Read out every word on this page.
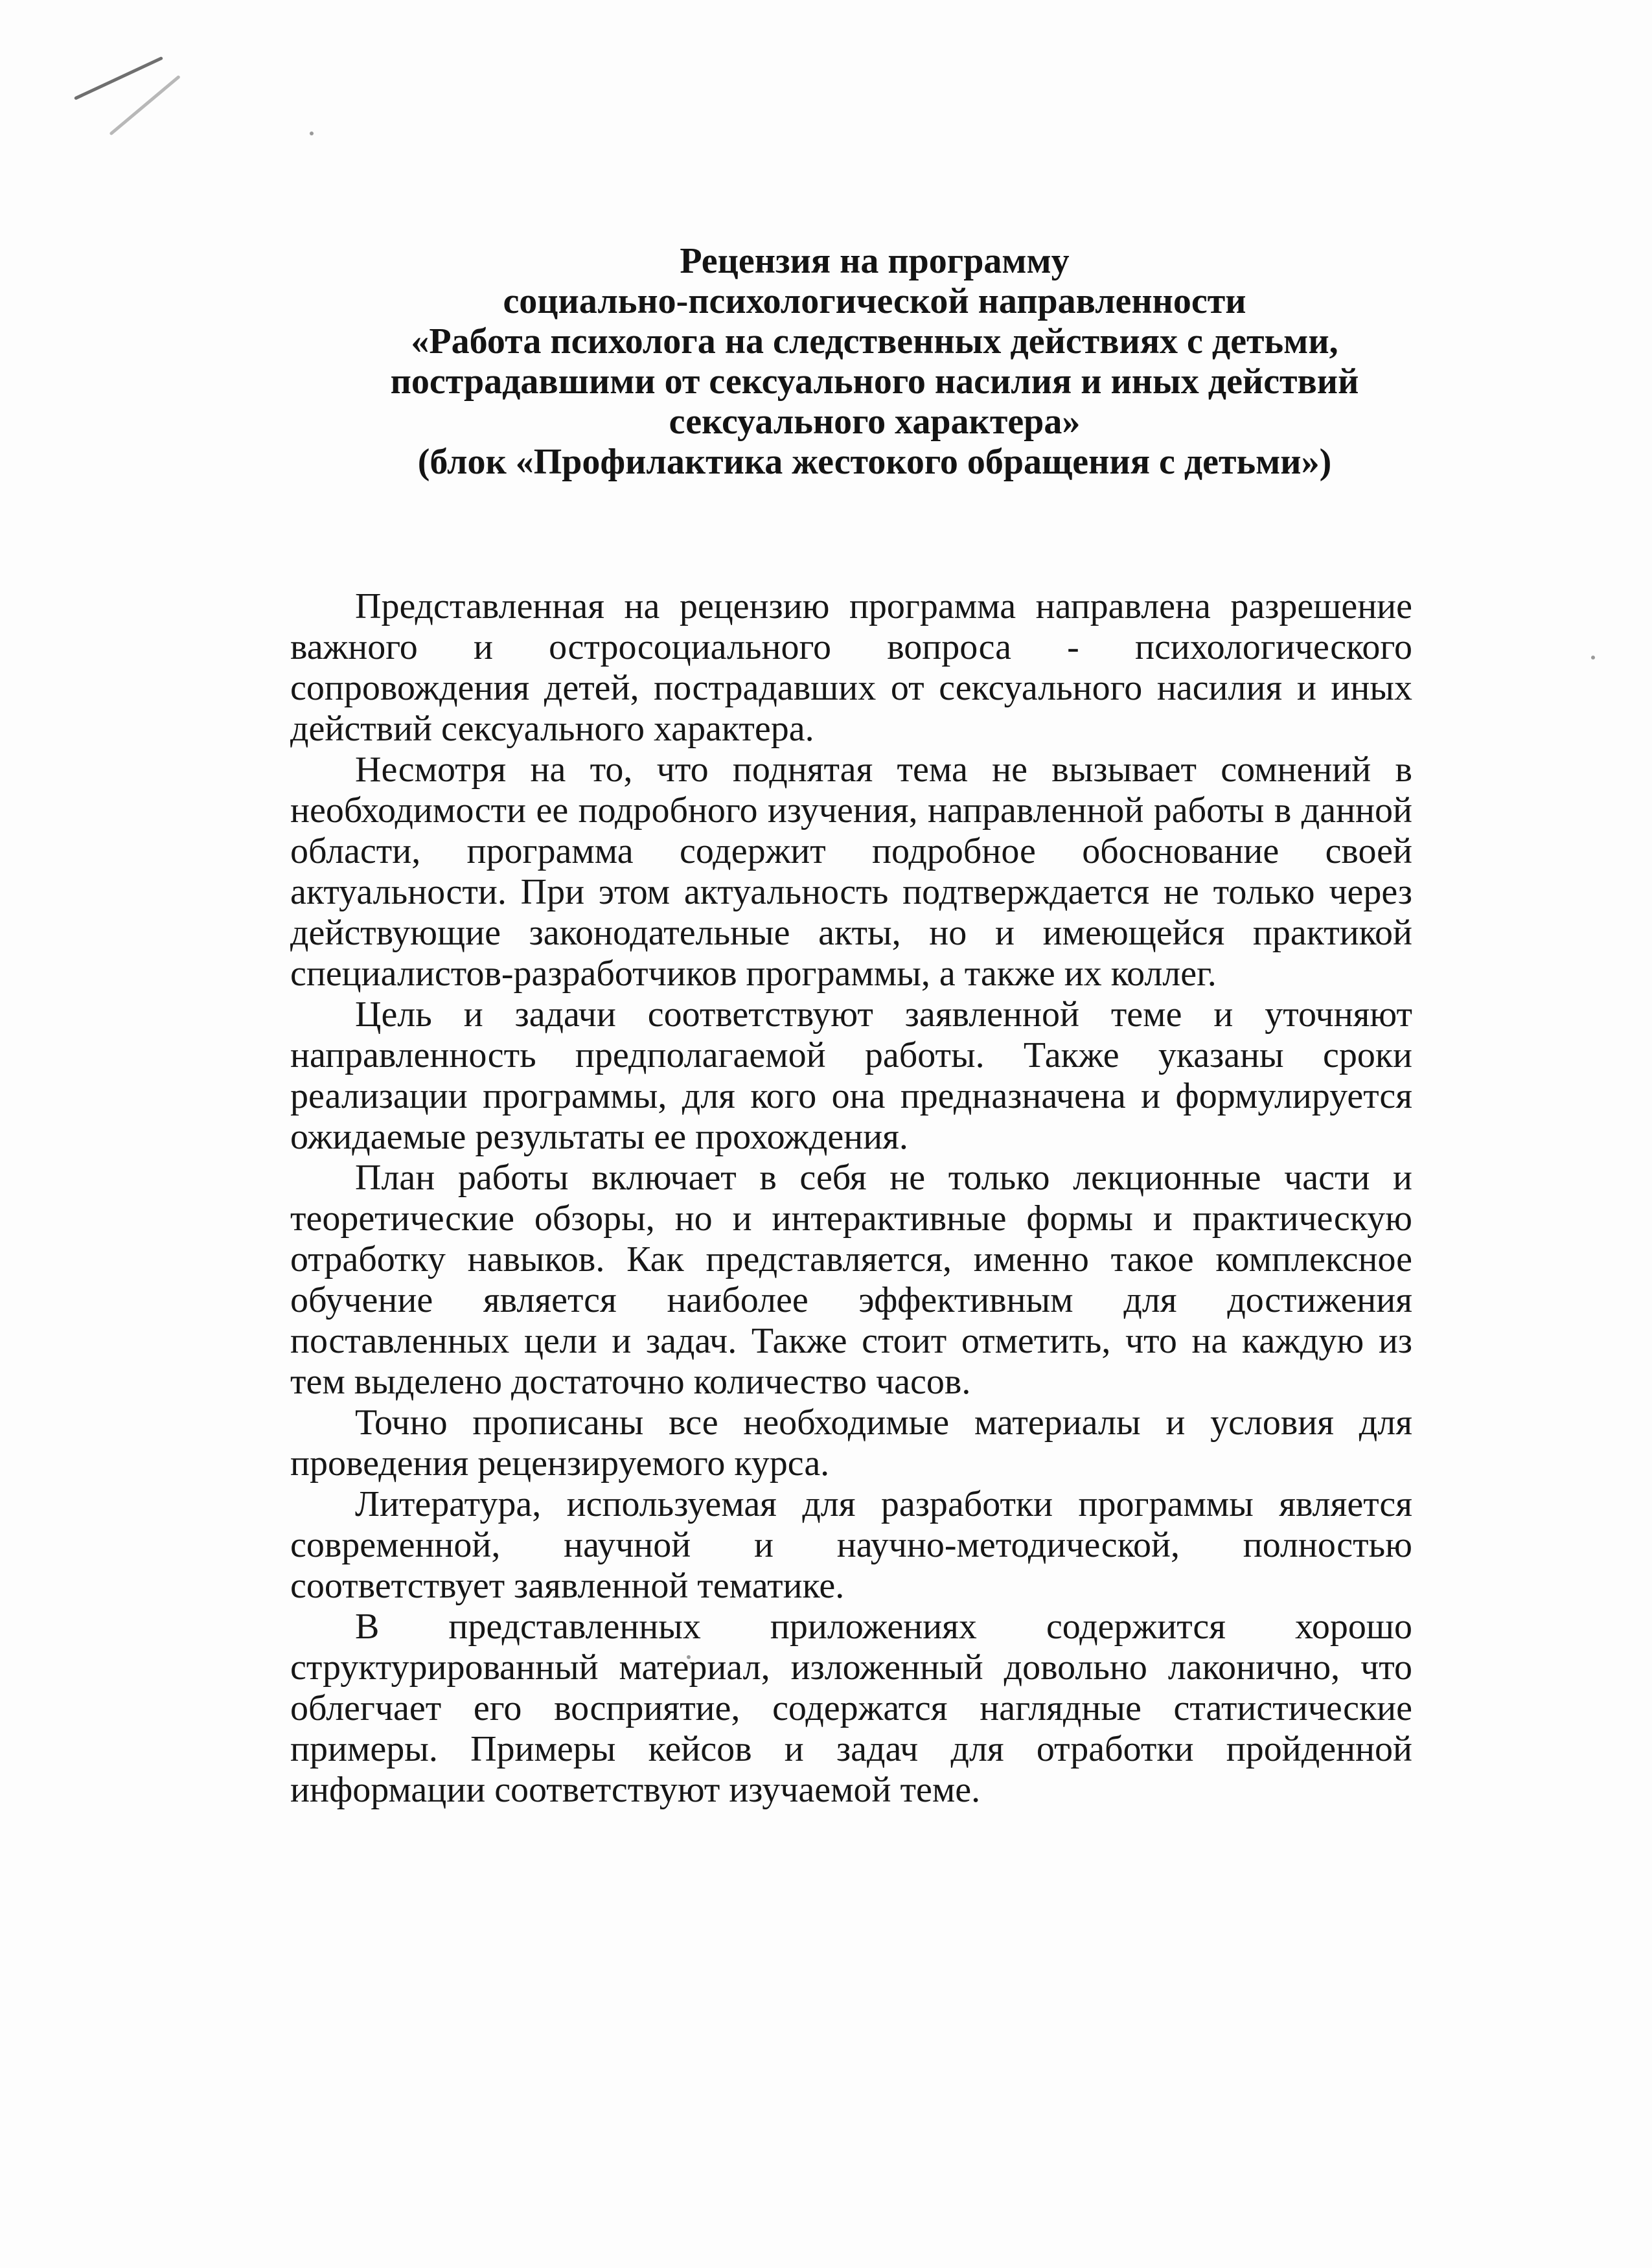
Рецензия на программу
социально-психологической направленности
«Работа психолога на следственных действиях с детьми,
пострадавшими от сексуального насилия и иных действий
сексуального характера»
(блок «Профилактика жестокого обращения с детьми»)

Представленная на рецензию программа направлена разрешение важного и остросоциального вопроса - психологического сопровождения детей, пострадавших от сексуального насилия и иных действий сексуального характера.

Несмотря на то, что поднятая тема не вызывает сомнений в необходимости ее подробного изучения, направленной работы в данной области, программа содержит подробное обоснование своей актуальности. При этом актуальность подтверждается не только через действующие законодательные акты, но и имеющейся практикой специалистов-разработчиков программы, а также их коллег.

Цель и задачи соответствуют заявленной теме и уточняют направленность предполагаемой работы. Также указаны сроки реализации программы, для кого она предназначена и формулируется ожидаемые результаты ее прохождения.

План работы включает в себя не только лекционные части и теоретические обзоры, но и интерактивные формы и практическую отработку навыков. Как представляется, именно такое комплексное обучение является наиболее эффективным для достижения поставленных цели и задач. Также стоит отметить, что на каждую из тем выделено достаточно количество часов.

Точно прописаны все необходимые материалы и условия для проведения рецензируемого курса.

Литература, используемая для разработки программы является современной, научной и научно-методической, полностью соответствует заявленной тематике.

В представленных приложениях содержится хорошо структурированный материал, изложенный довольно лаконично, что облегчает его восприятие, содержатся наглядные статистические примеры. Примеры кейсов и задач для отработки пройденной информации соответствуют изучаемой теме.
